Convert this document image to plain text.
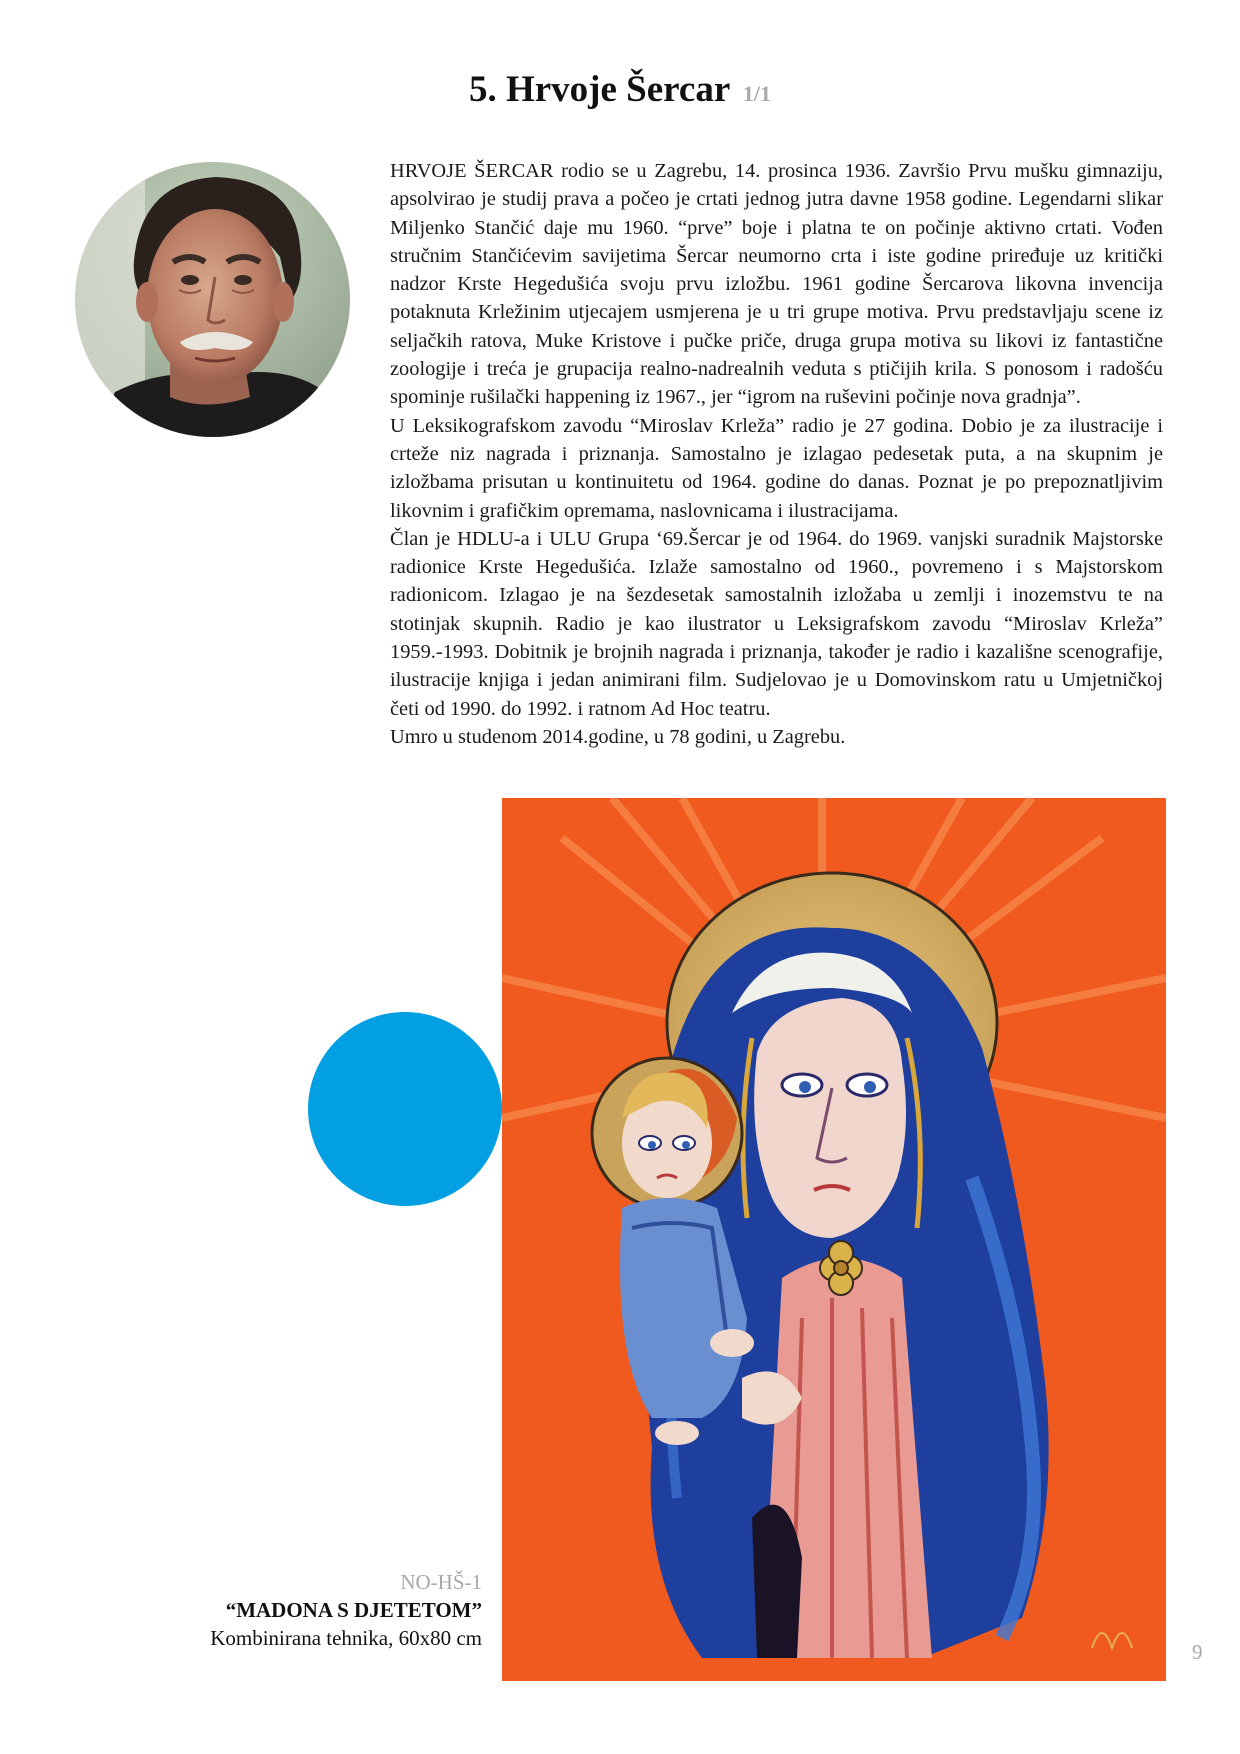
5. Hrvoje Šercar 1/1

HRVOJE ŠERCAR rodio se u Zagrebu, 14. prosinca 1936. Završio Prvu mušku gimnaziju, apsolvirao je studij prava a počeo je crtati jednog jutra davne 1958 godine. Legendarni slikar Miljenko Stančić daje mu 1960. “prve” boje i platna te on počinje aktivno crtati. Vođen stručnim Stančićevim savijetima Šercar neumorno crta i iste godine priređuje uz kritički nadzor Krste Hegedušića svoju prvu izložbu. 1961 godine Šercarova likovna invencija potaknuta Krležinim utjecajem usmjerena je u tri grupe motiva. Prvu predstavljaju scene iz seljačkih ratova, Muke Kristove i pučke priče, druga grupa motiva su likovi iz fantastične zoologije i treća je grupacija realno-nadrealnih veduta s ptičijih krila. S ponosom i radošću spominje rušilački happening iz 1967., jer “igrom na ruševini počinje nova gradnja”.

U Leksikografskom zavodu “Miroslav Krleža” radio je 27 godina. Dobio je za ilustracije i crteže niz nagrada i priznanja. Samostalno je izlagao pedesetak puta, a na skupnim je izložbama prisutan u kontinuitetu od 1964. godine do danas. Poznat je po prepoznatljivim likovnim i grafičkim opremama, naslovnicama i ilustracijama.

Član je HDLU-a i ULU Grupa ‘69.Šercar je od 1964. do 1969. vanjski suradnik Majstorske radionice Krste Hegedušića. Izlaže samostalno od 1960., povremeno i s Majstorskom radionicom. Izlagao je na šezdesetak samostalnih izložaba u zemlji i inozemstvu te na stotinjak skupnih. Radio je kao ilustrator u Leksigrafskom zavodu “Miroslav Krleža” 1959.-1993. Dobitnik je brojnih nagrada i priznanja, također je radio i kazališne scenografije, ilustracije knjiga i jedan animirani film. Sudjelovao je u Domovinskom ratu u Umjetničkoj četi od 1990. do 1992. i ratnom Ad Hoc teatru.

Umro u studenom 2014.godine, u 78 godini, u Zagrebu.

NO-HŠ-1
“MADONA S DJETETOM”
Kombinirana tehnika, 60x80 cm
9
